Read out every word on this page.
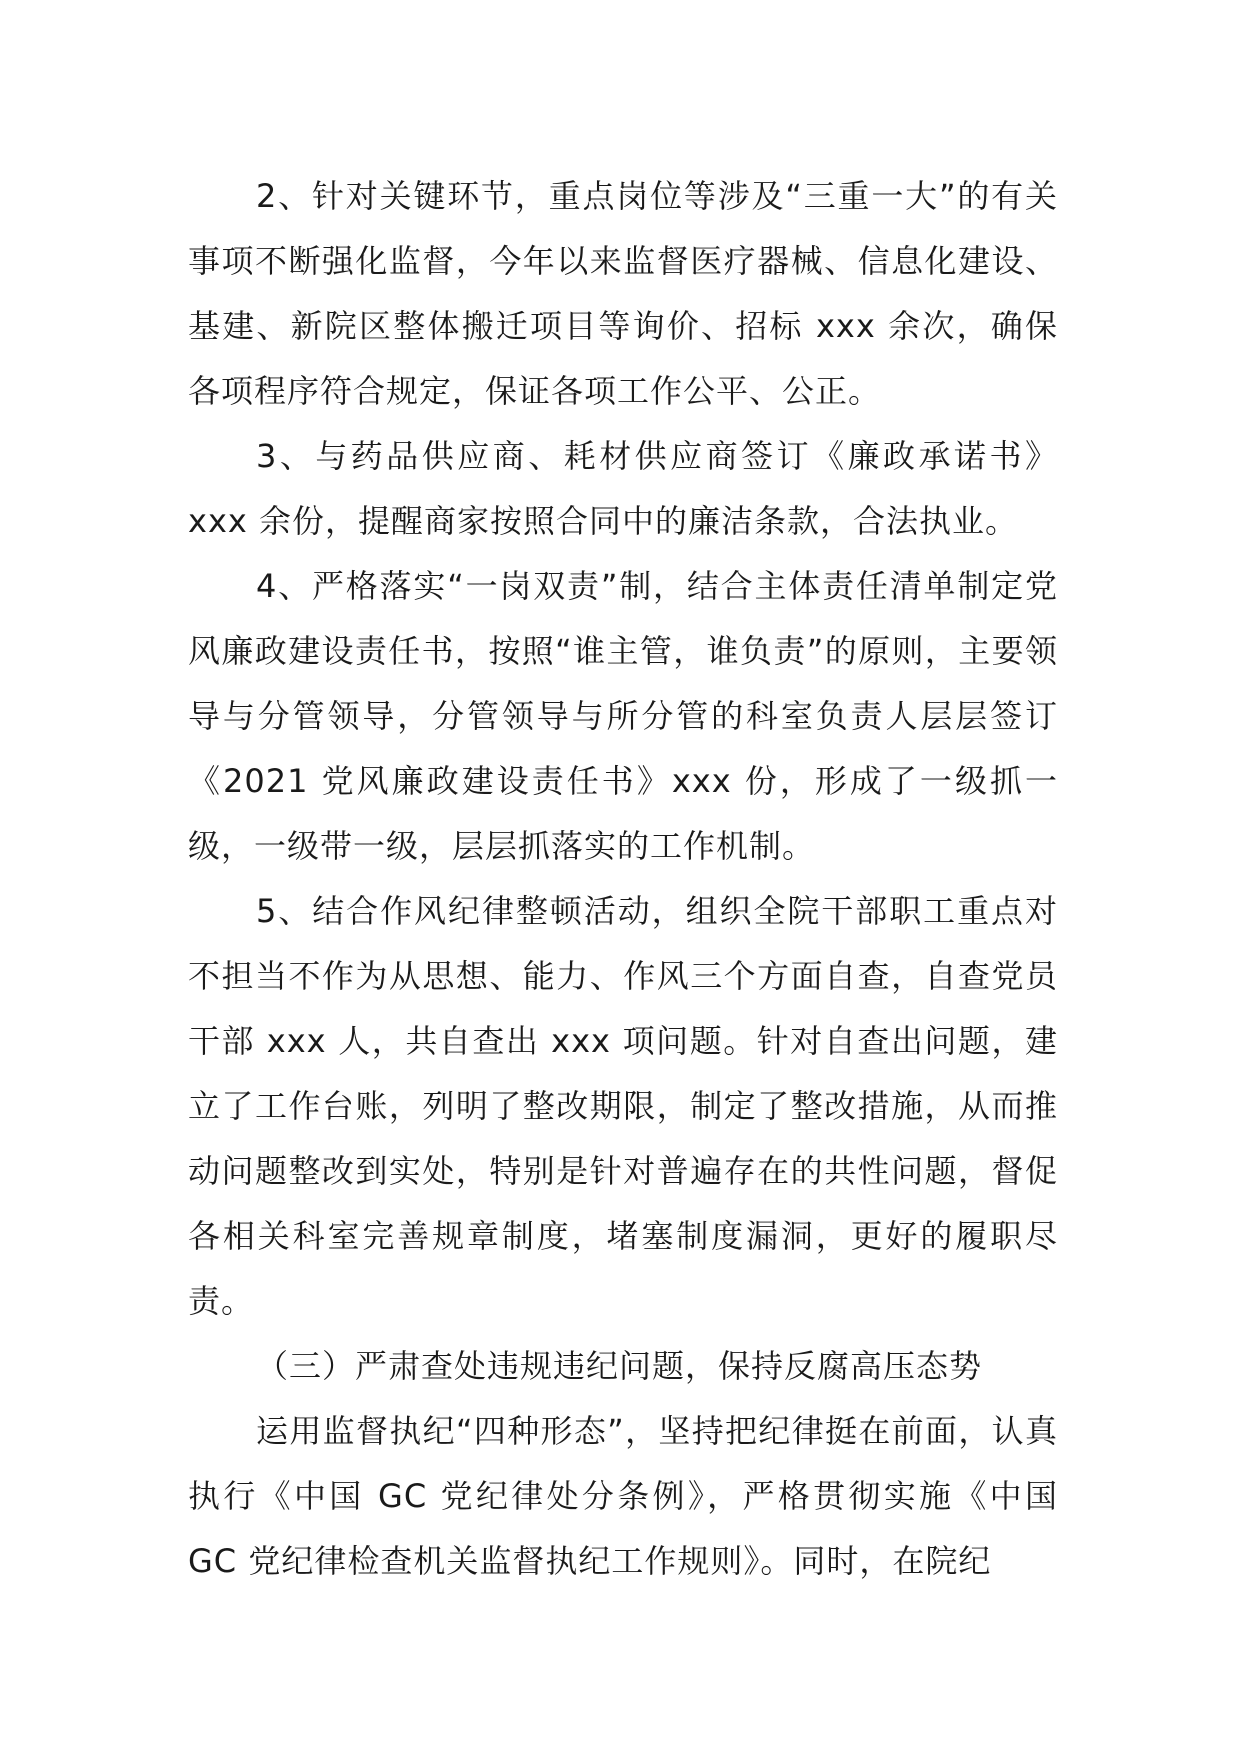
2、针对关键环节，重点岗位等涉及“三重一大”的有关事项不断强化监督，今年以来监督医疗器械、信息化建设、基建、新院区整体搬迁项目等询价、招标 xxx 余次，确保各项程序符合规定，保证各项工作公平、公正。

3、与药品供应商、耗材供应商签订《廉政承诺书》xxx 余份，提醒商家按照合同中的廉洁条款，合法执业。

4、严格落实“一岗双责”制，结合主体责任清单制定党风廉政建设责任书，按照“谁主管，谁负责”的原则，主要领导与分管领导，分管领导与所分管的科室负责人层层签订《2021 党风廉政建设责任书》xxx 份，形成了一级抓一级，一级带一级，层层抓落实的工作机制。

5、结合作风纪律整顿活动，组织全院干部职工重点对不担当不作为从思想、能力、作风三个方面自查，自查党员干部 xxx 人，共自查出 xxx 项问题。针对自查出问题，建立了工作台账，列明了整改期限，制定了整改措施，从而推动问题整改到实处，特别是针对普遍存在的共性问题，督促各相关科室完善规章制度，堵塞制度漏洞，更好的履职尽责。

（三）严肃查处违规违纪问题，保持反腐高压态势

运用监督执纪“四种形态”，坚持把纪律挺在前面，认真执行《中国 GC 党纪律处分条例》，严格贯彻实施《中国 GC 党纪律检查机关监督执纪工作规则》。同时，在院纪
